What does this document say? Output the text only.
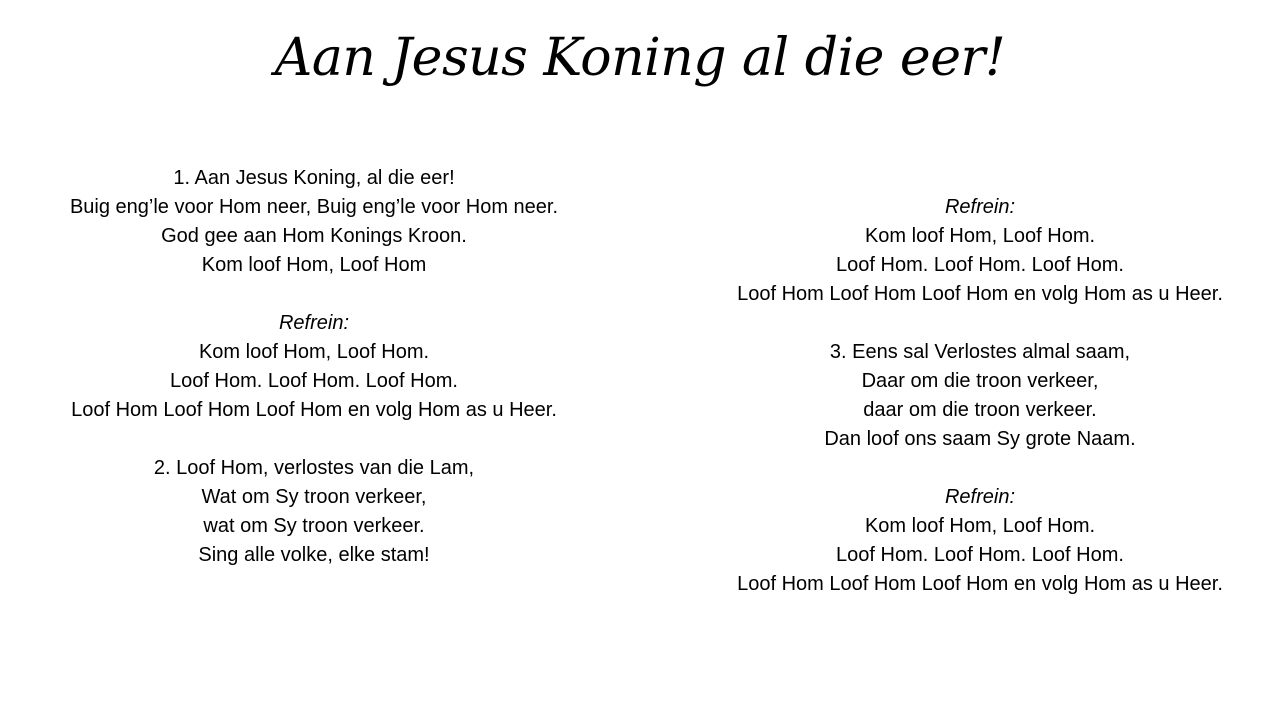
Aan Jesus Koning al die eer!
1. Aan Jesus Koning, al die eer!
Buig eng’le voor Hom neer, Buig eng’le voor Hom neer.
God gee aan Hom Konings Kroon.
Kom loof Hom, Loof Hom
Refrein:
Kom loof Hom, Loof Hom.
Loof Hom. Loof Hom. Loof Hom.
Loof Hom Loof Hom Loof Hom en volg Hom as u Heer.
2. Loof Hom, verlostes van die Lam,
Wat om Sy troon verkeer,
wat om Sy troon verkeer.
Sing alle volke, elke stam!
Refrein:
Kom loof Hom, Loof Hom.
Loof Hom. Loof Hom. Loof Hom.
Loof Hom Loof Hom Loof Hom en volg Hom as u Heer.
3. Eens sal Verlostes almal saam,
Daar om die troon verkeer,
daar om die troon verkeer.
Dan loof ons saam Sy grote Naam.
Refrein:
Kom loof Hom, Loof Hom.
Loof Hom. Loof Hom. Loof Hom.
Loof Hom Loof Hom Loof Hom en volg Hom as u Heer.
